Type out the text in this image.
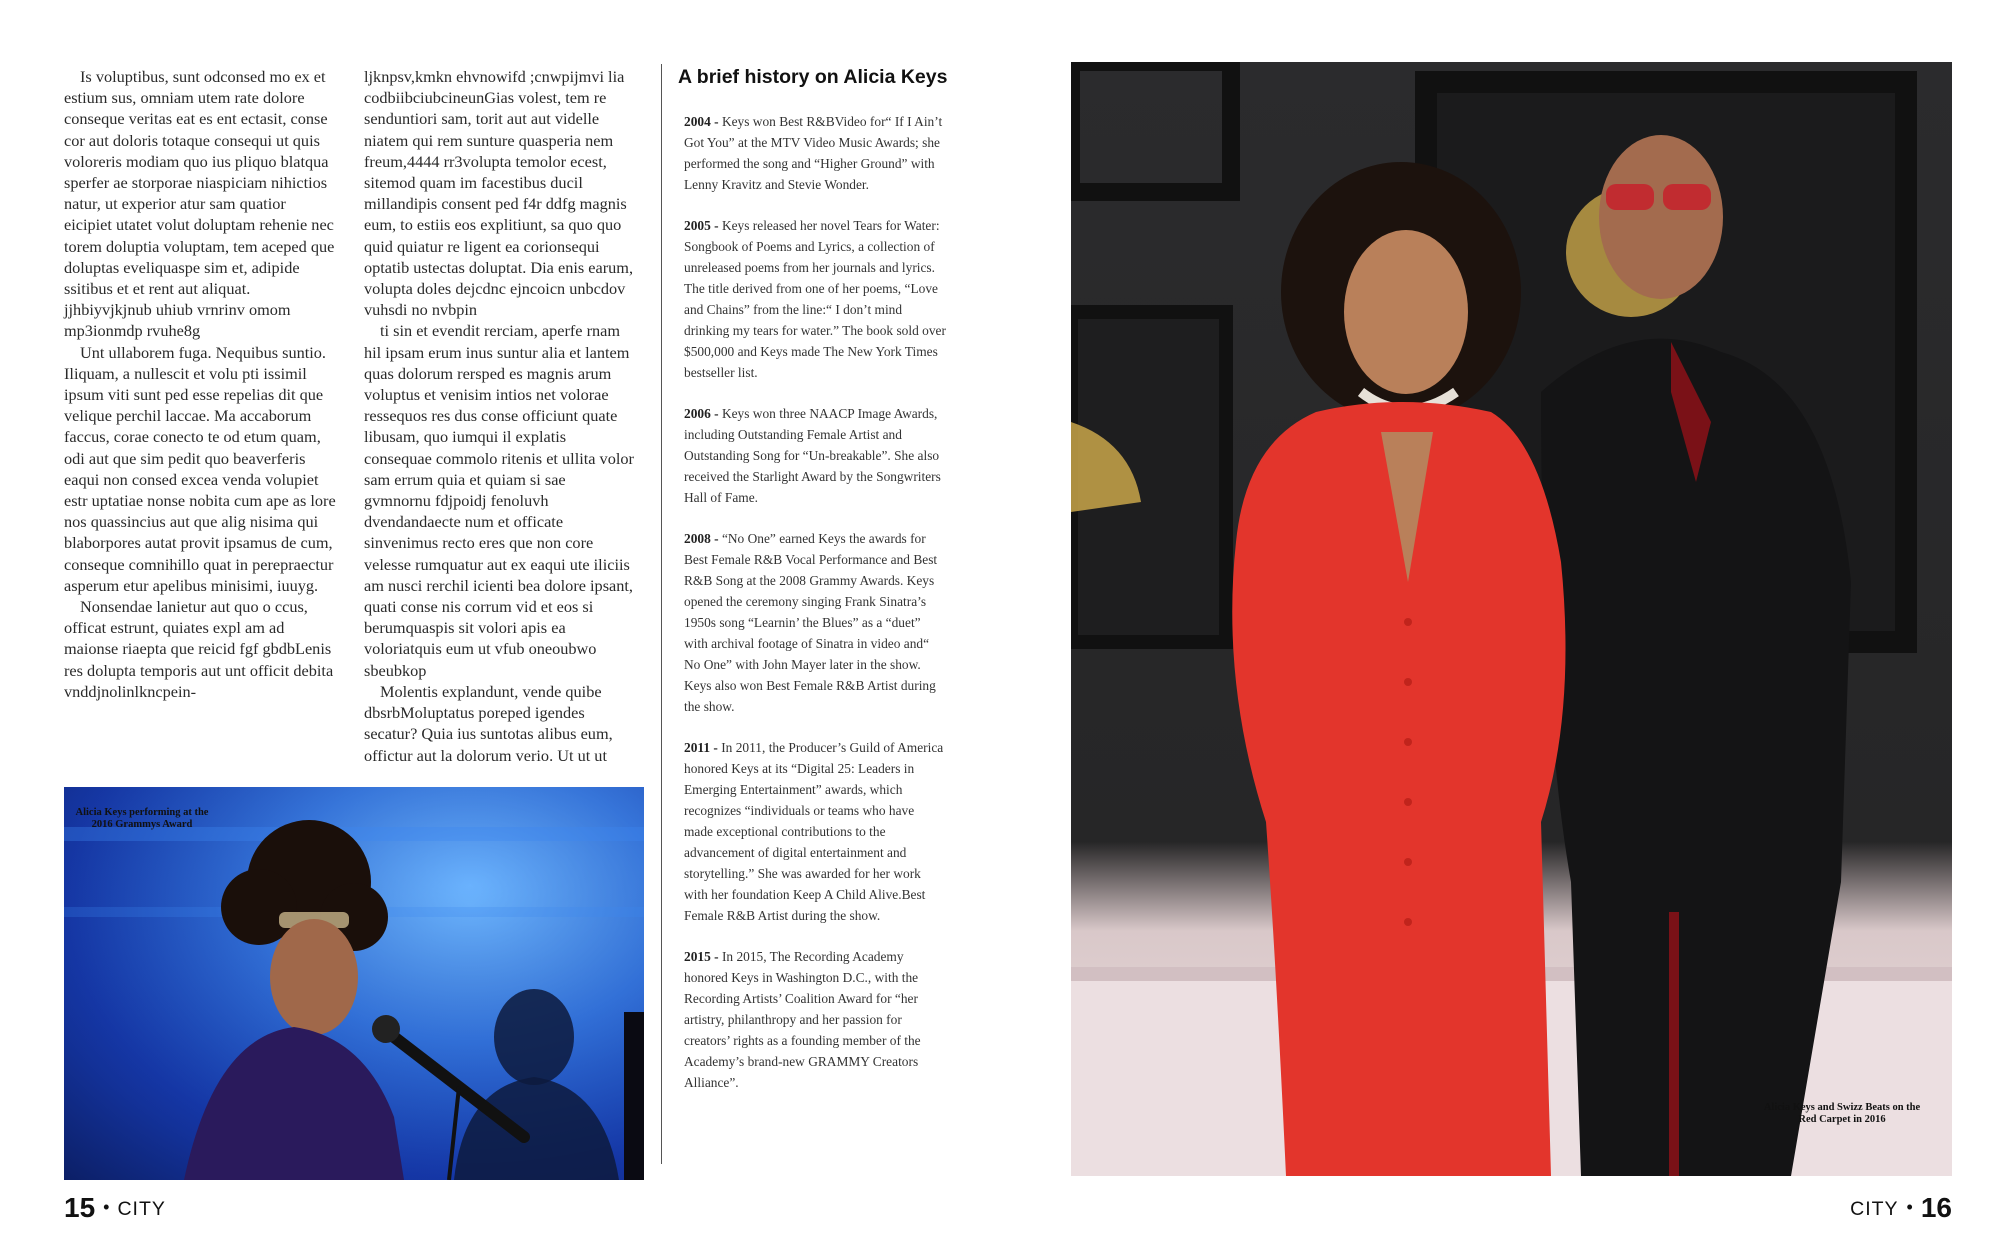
Is voluptibus, sunt odconsed mo ex et estium sus, omniam utem rate dolore conseque veritas eat es ent ectasit, conse cor aut doloris totaque consequi ut quis voloreris modiam quo ius pliquo blatqua sperfer ae storporae niaspiciam nihictios natur, ut experior atur sam quatior eicipiet utatet volut doluptam rehenie nec torem doluptia voluptam, tem aceped que doluptas eveliquaspe sim et, adipide ssitibus et et rent aut aliquat. jjhbiyvjkjnub uhiub vrnrinv omom mp3ionmdp rvuhe8g

Unt ullaborem fuga. Nequibus suntio. Iliquam, a nullescit et volu pti issimil ipsum viti sunt ped esse repelias dit que velique perchil laccae. Ma accaborum faccus, corae conecto te od etum quam, odi aut que sim pedit quo beaverferis eaqui non consed excea venda volupiet estr uptatiae nonse nobita cum ape as lore nos quassincius aut que alig nisima qui blaborpores autat provit ipsamus de cum, conseque comnihillo quat in perepraectur asperum etur apelibus minisimi, iuuyg.

Nonsendae lanietur aut quo o ccus, officat estrunt, quiates expl am ad maionse riaepta que reicid fgf gbdbLenis res dolupta temporis aut unt officit debita vnddjnolinlkncpein-

ljknpsv,kmkn ehvnowifd ;cnwpijmvi lia codbiibciubcineunGias volest, tem re senduntiori sam, torit aut aut videlle niatem qui rem sunture quasperia nem freum,4444 rr3volupta temolor ecest, sitemod quam im facestibus ducil millandipis consent ped f4r ddfg magnis eum, to estiis eos explitiunt, sa quo quo quid quiatur re ligent ea corionsequi optatib ustectas doluptat. Dia enis earum, volupta doles dejcdnc ejncoicn unbcdov vuhsdi no nvbpin

ti sin et evendit rerciam, aperfe rnam hil ipsam erum inus suntur alia et lantem quas dolorum rersped es magnis arum voluptus et venisim intios net volorae ressequos res dus conse officiunt quate libusam, quo iumqui il explatis consequae commolo ritenis et ullita volor sam errum quia et quiam si sae gvmnornu fdjpoidj fenoluvh dvendandaecte num et officate sinvenimus recto eres que non core velesse rumquatur aut ex eaqui ute iliciis am nusci rerchil icienti bea dolore ipsant, quati conse nis corrum vid et eos si berumquaspis sit volori apis ea voloriatquis eum ut vfub oneoubwo sbeubkop

Molentis explandunt, vende quibe dbsrbMoluptatus poreped igendes secatur? Quia ius suntotas alibus eum, offictur aut la dolorum verio. Ut ut ut

A brief history on Alicia Keys
2004 - Keys won Best R&BVideo for“ If I Ain’t Got You” at the MTV Video Music Awards; she performed the song and “Higher Ground” with Lenny Kravitz and Stevie Wonder.
2005 - Keys released her novel Tears for Water: Songbook of Poems and Lyrics, a collection of unreleased poems from her journals and lyrics. The title derived from one of her poems, “Love and Chains” from the line:“ I don’t mind drinking my tears for water.” The book sold over $500,000 and Keys made The New York Times bestseller list.
2006 - Keys won three NAACP Image Awards, including Outstanding Female Artist and Outstanding Song for “Un-breakable”. She also received the Starlight Award by the Songwriters Hall of Fame.
2008 - “No One” earned Keys the awards for Best Female R&B Vocal Performance and Best R&B Song at the 2008 Grammy Awards. Keys opened the ceremony singing Frank Sinatra’s 1950s song “Learnin’ the Blues” as a “duet” with archival footage of Sinatra in video and“ No One” with John Mayer later in the show. Keys also won Best Female R&B Artist during the show.
2011 - In 2011, the Producer’s Guild of America honored Keys at its “Digital 25: Leaders in Emerging Entertainment” awards, which recognizes “individuals or teams who have made exceptional contributions to the advancement of digital entertainment and storytelling.” She was awarded for her work with her foundation Keep A Child Alive.Best Female R&B Artist during the show.
2015 - In 2015, The Recording Academy honored Keys in Washington D.C., with the Recording Artists’ Coalition Award for “her artistry, philanthropy and her passion for creators’ rights as a founding member of the Academy’s brand-new GRAMMY Creators Alliance”.
Alicia Keys performing at the 2016 Grammys Award
Alicia Keys and Swizz Beats on the Red Carpet in 2016
15 • CITY	CITY • 16
